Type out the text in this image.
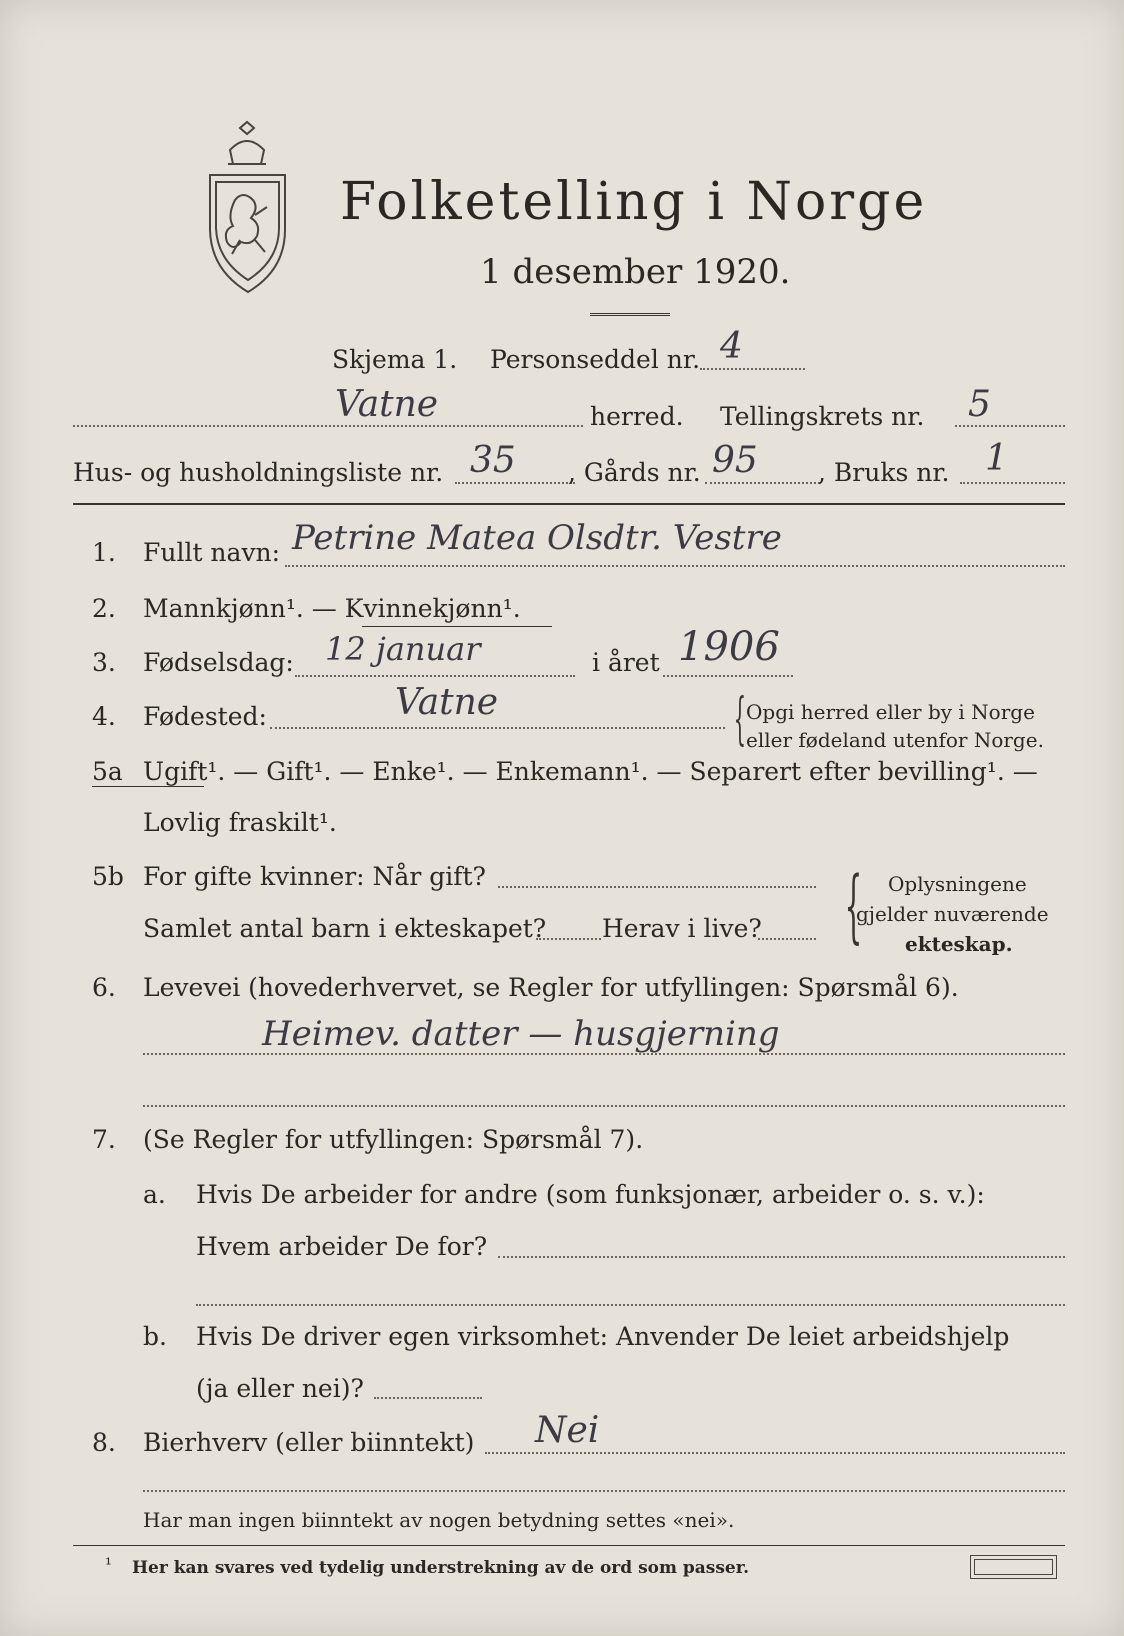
Folketelling i Norge
1 desember 1920.
Skjema 1. Personseddel nr. 4
Vatne	herred. Tellingskrets nr. 5
Hus- og husholdningsliste nr. 35 , Gårds nr. 95 , Bruks nr. 1
1. Fullt navn: Petrine Matea Olsdtr. Vestre
2. Mannkjønn¹. — Kvinnekjønn¹.
3. Fødselsdag: 12 januar	i året 1906
4. Fødested:	Vatne	{ Opgi herred eller by i Norge
eller fødeland utenfor Norge.
5a Ugift¹. — Gift¹. — Enke¹. — Enkemann¹. — Separert efter bevilling¹. —
Lovlig fraskilt¹.
5b For gifte kvinner: Når gift?
Samlet antal barn i ekteskapet? Herav i live? { Oplysningene
gjelder nuværende
ekteskap.
6. Levevei (hovederhvervet, se Regler for utfyllingen: Spørsmål 6).
Heimev. datter — husgjerning
7. (Se Regler for utfyllingen: Spørsmål 7).
a. Hvis De arbeider for andre (som funksjonær, arbeider o. s. v.):
Hvem arbeider De for?
b. Hvis De driver egen virksomhet: Anvender De leiet arbeidshjelp
(ja eller nei)?
8. Bierhverv (eller biinntekt) Nei
Har man ingen biinntekt av nogen betydning settes «nei».
¹ Her kan svares ved tydelig understrekning av de ord som passer.
